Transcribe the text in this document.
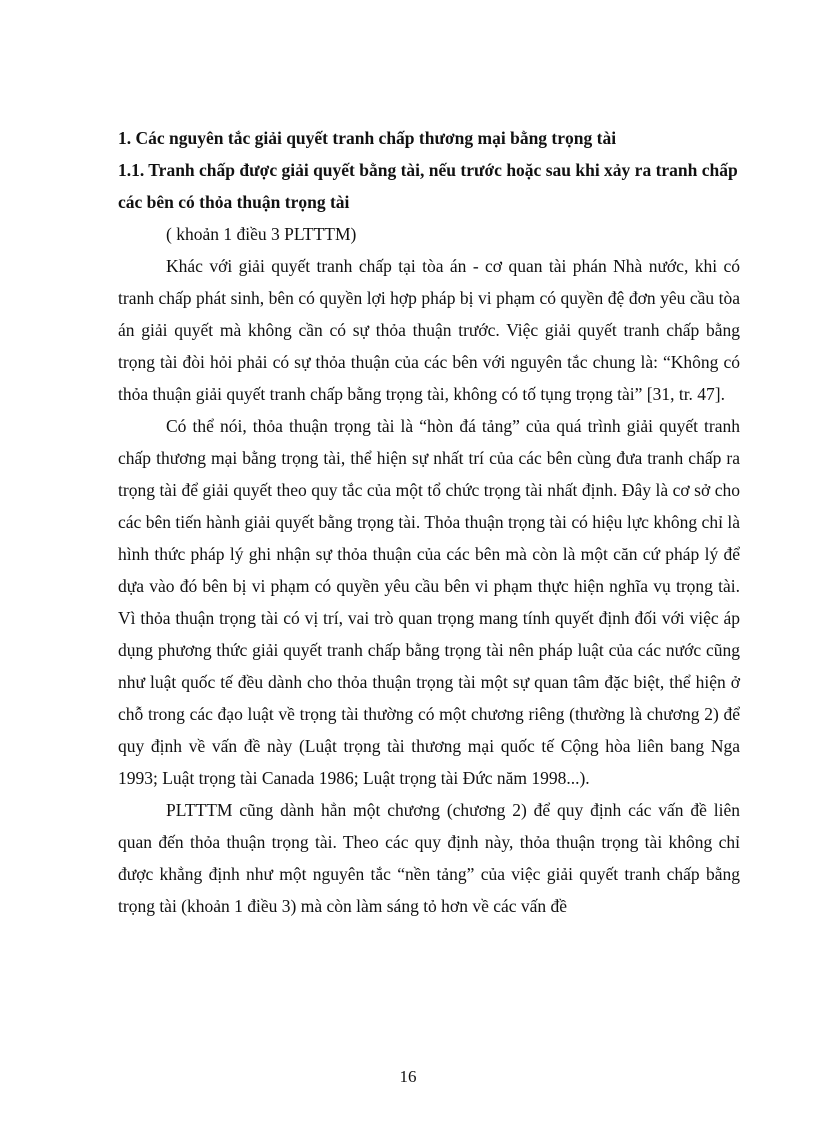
1. Các nguyên tắc giải quyết tranh chấp thương mại bằng trọng tài

1.1. Tranh chấp được giải quyết bằng tài, nếu trước hoặc sau khi xảy ra tranh chấp các bên có thỏa thuận trọng tài

( khoản 1 điều 3 PLTTTM)

Khác với giải quyết tranh chấp tại tòa án - cơ quan tài phán Nhà nước, khi có tranh chấp phát sinh, bên có quyền lợi hợp pháp bị vi phạm có quyền đệ đơn yêu cầu tòa án giải quyết mà không cần có sự thỏa thuận trước. Việc giải quyết tranh chấp bằng trọng tài đòi hỏi phải có sự thỏa thuận của các bên với nguyên tắc chung là: “Không có thỏa thuận giải quyết tranh chấp bằng trọng tài, không có tố tụng trọng tài” [31, tr. 47].

Có thể nói, thỏa thuận trọng tài là “hòn đá tảng” của quá trình giải quyết tranh chấp thương mại bằng trọng tài, thể hiện sự nhất trí của các bên cùng đưa tranh chấp ra trọng tài để giải quyết theo quy tắc của một tổ chức trọng tài nhất định. Đây là cơ sở cho các bên tiến hành giải quyết bằng trọng tài. Thỏa thuận trọng tài có hiệu lực không chỉ là hình thức pháp lý ghi nhận sự thỏa thuận của các bên mà còn là một căn cứ pháp lý để dựa vào đó bên bị vi phạm có quyền yêu cầu bên vi phạm thực hiện nghĩa vụ trọng tài. Vì thỏa thuận trọng tài có vị trí, vai trò quan trọng mang tính quyết định đối với việc áp dụng phương thức giải quyết tranh chấp bằng trọng tài nên pháp luật của các nước cũng như luật quốc tế đều dành cho thỏa thuận trọng tài một sự quan tâm đặc biệt, thể hiện ở chỗ trong các đạo luật về trọng tài thường có một chương riêng (thường là chương 2) để quy định về vấn đề này (Luật trọng tài thương mại quốc tế Cộng hòa liên bang Nga 1993; Luật trọng tài Canada 1986; Luật trọng tài Đức năm 1998...).

PLTTTM cũng dành hẳn một chương (chương 2) để quy định các vấn đề liên quan đến thỏa thuận trọng tài. Theo các quy định này, thỏa thuận trọng tài không chỉ được khẳng định như một nguyên tắc “nền tảng” của việc giải quyết tranh chấp bằng trọng tài (khoản 1 điều 3) mà còn làm sáng tỏ hơn về các vấn đề

16
